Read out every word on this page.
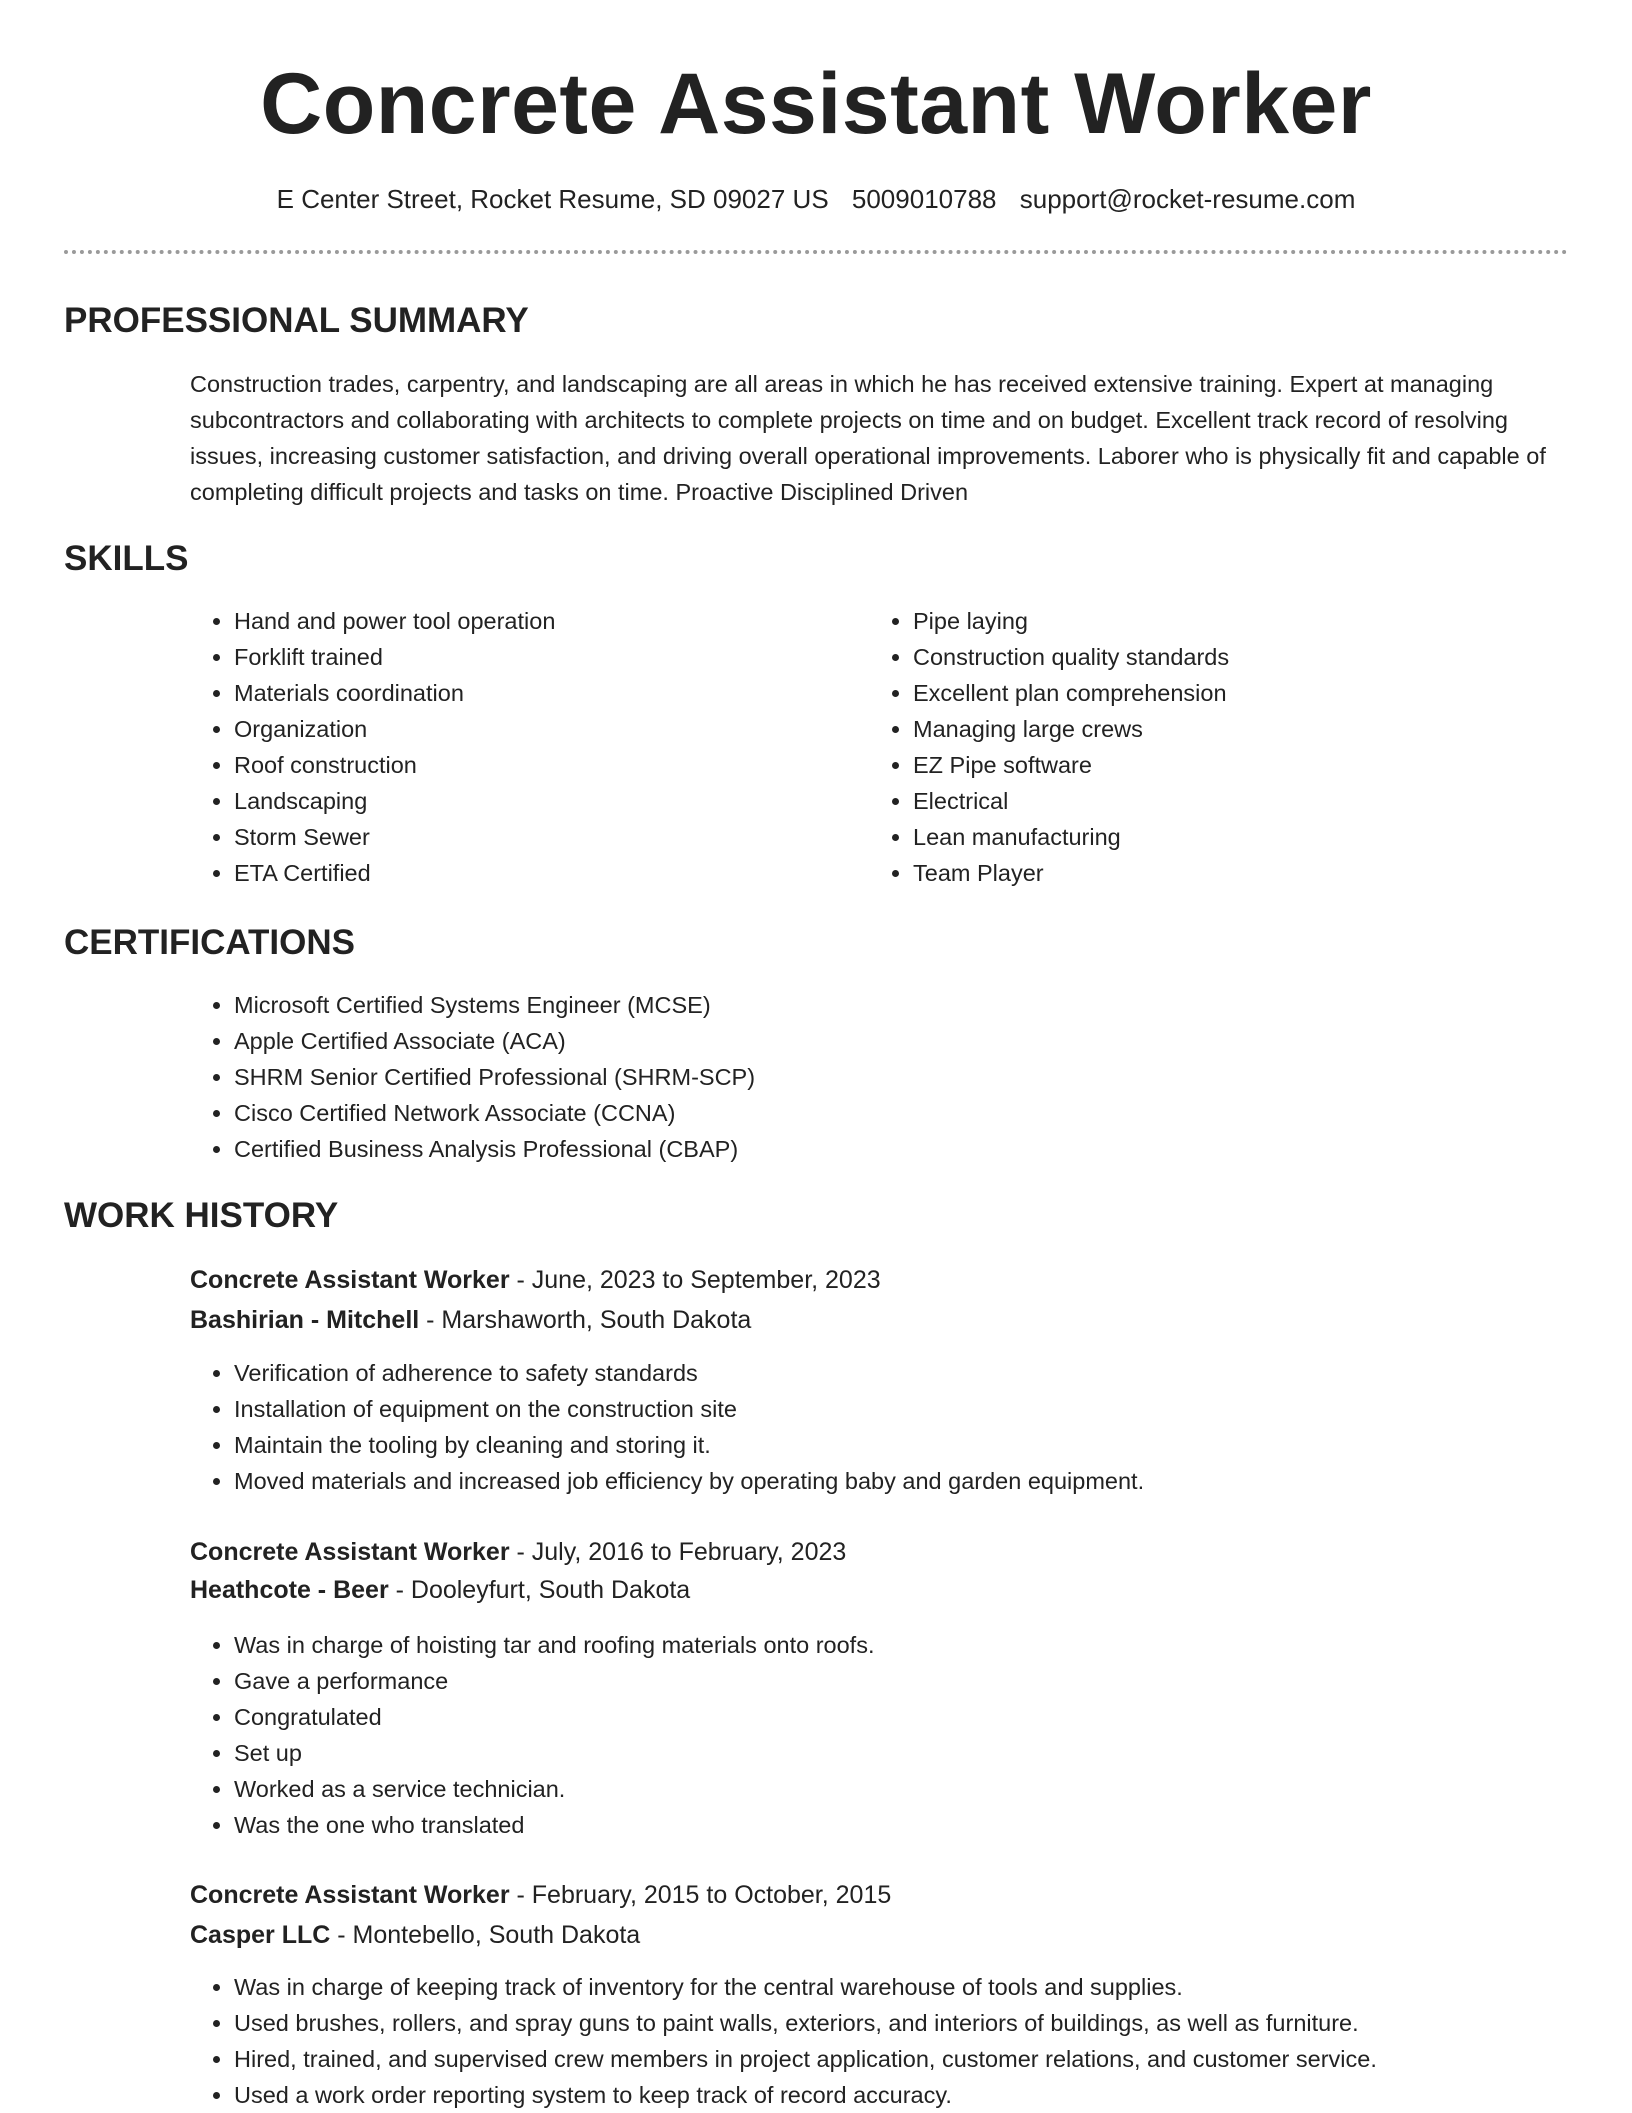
Concrete Assistant Worker
E Center Street, Rocket Resume, SD 09027 US 5009010788 support@rocket-resume.com
PROFESSIONAL SUMMARY
Construction trades, carpentry, and landscaping are all areas in which he has received extensive training. Expert at managing subcontractors and collaborating with architects to complete projects on time and on budget. Excellent track record of resolving issues, increasing customer satisfaction, and driving overall operational improvements. Laborer who is physically fit and capable of completing difficult projects and tasks on time. Proactive Disciplined Driven
SKILLS
• Hand and power tool operation
• Forklift trained
• Materials coordination
• Organization
• Roof construction
• Landscaping
• Storm Sewer
• ETA Certified
• Pipe laying
• Construction quality standards
• Excellent plan comprehension
• Managing large crews
• EZ Pipe software
• Electrical
• Lean manufacturing
• Team Player
CERTIFICATIONS
• Microsoft Certified Systems Engineer (MCSE)
• Apple Certified Associate (ACA)
• SHRM Senior Certified Professional (SHRM-SCP)
• Cisco Certified Network Associate (CCNA)
• Certified Business Analysis Professional (CBAP)
WORK HISTORY
Concrete Assistant Worker - June, 2023 to September, 2023
Bashirian - Mitchell - Marshaworth, South Dakota
• Verification of adherence to safety standards
• Installation of equipment on the construction site
• Maintain the tooling by cleaning and storing it.
• Moved materials and increased job efficiency by operating baby and garden equipment.
Concrete Assistant Worker - July, 2016 to February, 2023
Heathcote - Beer - Dooleyfurt, South Dakota
• Was in charge of hoisting tar and roofing materials onto roofs.
• Gave a performance
• Congratulated
• Set up
• Worked as a service technician.
• Was the one who translated
Concrete Assistant Worker - February, 2015 to October, 2015
Casper LLC - Montebello, South Dakota
• Was in charge of keeping track of inventory for the central warehouse of tools and supplies.
• Used brushes, rollers, and spray guns to paint walls, exteriors, and interiors of buildings, as well as furniture.
• Hired, trained, and supervised crew members in project application, customer relations, and customer service.
• Used a work order reporting system to keep track of record accuracy.
